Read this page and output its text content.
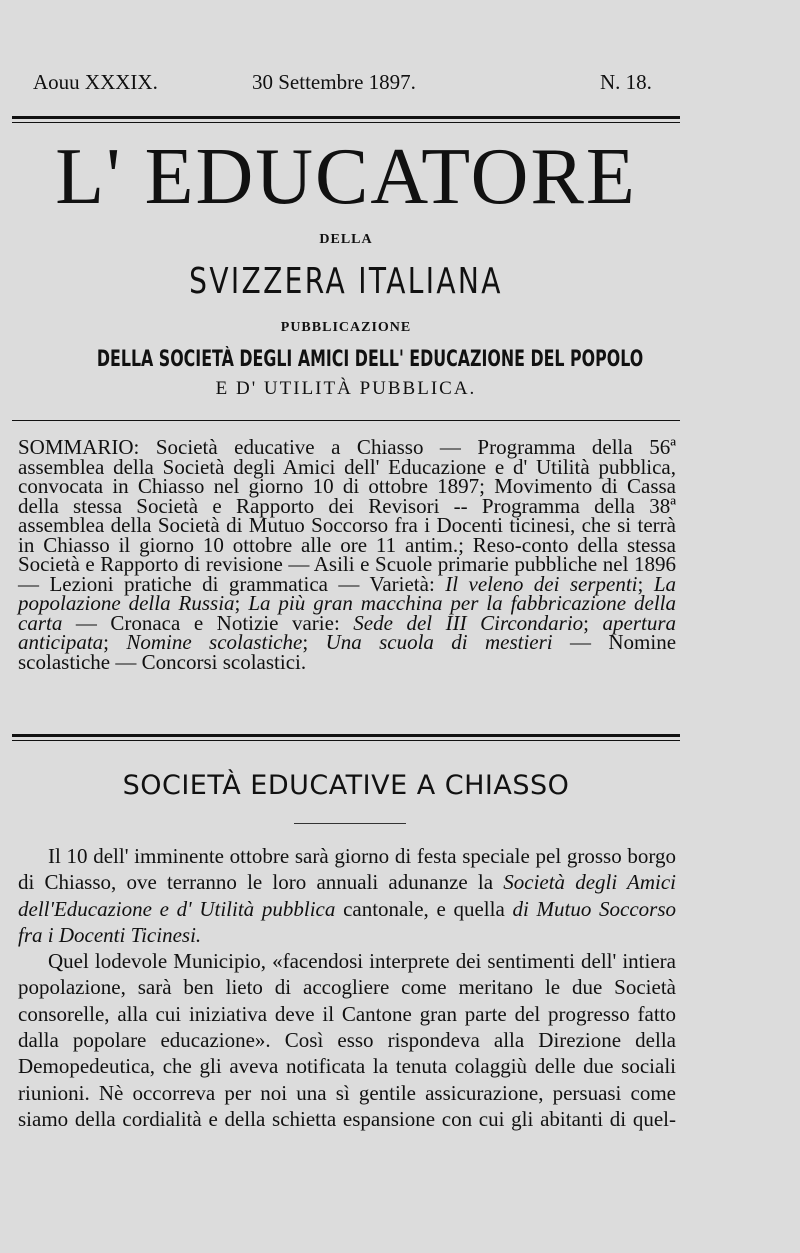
Aouu XXXIX.	30 Settembre 1897.	N. 18.
L' EDUCATORE
DELLA
SVIZZERA ITALIANA
PUBBLICAZIONE
DELLA SOCIETÀ DEGLI AMICI DELL' EDUCAZIONE DEL POPOLO
E D' UTILITÀ PUBBLICA.
SOMMARIO: Società educative a Chiasso — Programma della 56ª assemblea della Società degli Amici dell' Educazione e d' Utilità pubblica, convocata in Chiasso nel giorno 10 di ottobre 1897; Movimento di Cassa della stessa Società e Rapporto dei Revisori -- Programma della 38ª assemblea della Società di Mutuo Soccorso fra i Docenti ticinesi, che si terrà in Chiasso il giorno 10 ottobre alle ore 11 antim.; Reso-conto della stessa Società e Rapporto di revisione — Asili e Scuole primarie pubbliche nel 1896 — Lezioni pratiche di grammatica — Varietà: Il veleno dei serpenti; La popolazione della Russia; La più gran macchina per la fabbricazione della carta — Cronaca e Notizie varie: Sede del III Circondario; apertura anticipata; Nomine scolastiche; Una scuola di mestieri — Nomine scolastiche — Concorsi scolastici.
SOCIETÀ EDUCATIVE A CHIASSO

Il 10 dell' imminente ottobre sarà giorno di festa speciale pel grosso borgo di Chiasso, ove terranno le loro annuali adunanze la Società degli Amici dell'Educazione e d' Utilità pubblica cantonale, e quella di Mutuo Soccorso fra i Docenti Ticinesi.

Quel lodevole Municipio, «facendosi interprete dei sentimenti dell' intiera popolazione, sarà ben lieto di accogliere come meritano le due Società consorelle, alla cui iniziativa deve il Cantone gran parte del progresso fatto dalla popolare educazione». Così esso rispondeva alla Direzione della Demopedeutica, che gli aveva notificata la tenuta colaggiù delle due sociali riunioni. Nè occorreva per noi una sì gentile assicurazione, persuasi come siamo della cordialità e della schietta espansione con cui gli abitanti di quel-
